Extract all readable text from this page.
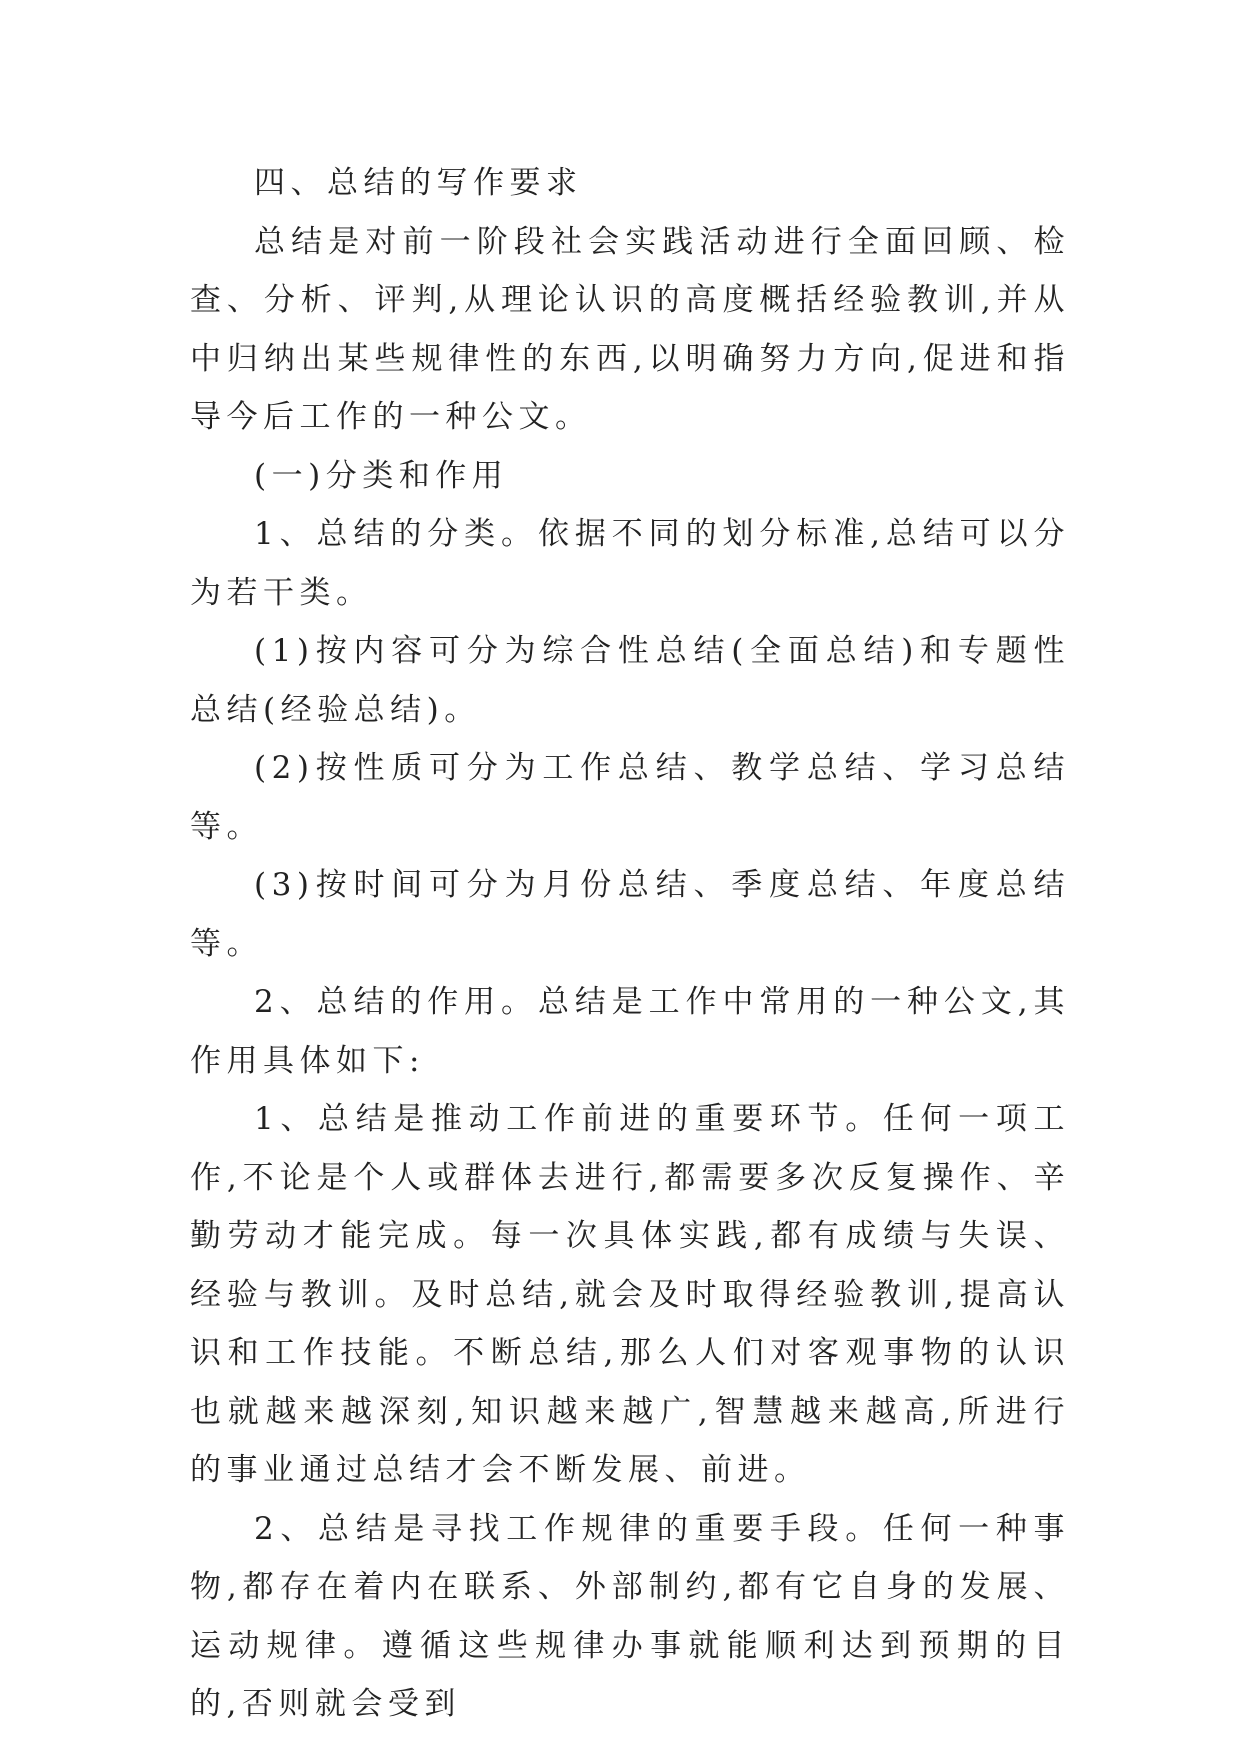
四、总结的写作要求

总结是对前一阶段社会实践活动进行全面回顾、检查、分析、评判,从理论认识的高度概括经验教训,并从中归纳出某些规律性的东西,以明确努力方向,促进和指导今后工作的一种公文。

(一)分类和作用

1、总结的分类。依据不同的划分标准,总结可以分为若干类。

(1)按内容可分为综合性总结(全面总结)和专题性总结(经验总结)。

(2)按性质可分为工作总结、教学总结、学习总结等。

(3)按时间可分为月份总结、季度总结、年度总结等。

2、总结的作用。总结是工作中常用的一种公文,其作用具体如下:

1、总结是推动工作前进的重要环节。任何一项工作,不论是个人或群体去进行,都需要多次反复操作、辛勤劳动才能完成。每一次具体实践,都有成绩与失误、经验与教训。及时总结,就会及时取得经验教训,提高认识和工作技能。不断总结,那么人们对客观事物的认识也就越来越深刻,知识越来越广,智慧越来越高,所进行的事业通过总结才会不断发展、前进。

2、总结是寻找工作规律的重要手段。任何一种事物,都存在着内在联系、外部制约,都有它自身的发展、运动规律。遵循这些规律办事就能顺利达到预期的目的,否则就会受到
